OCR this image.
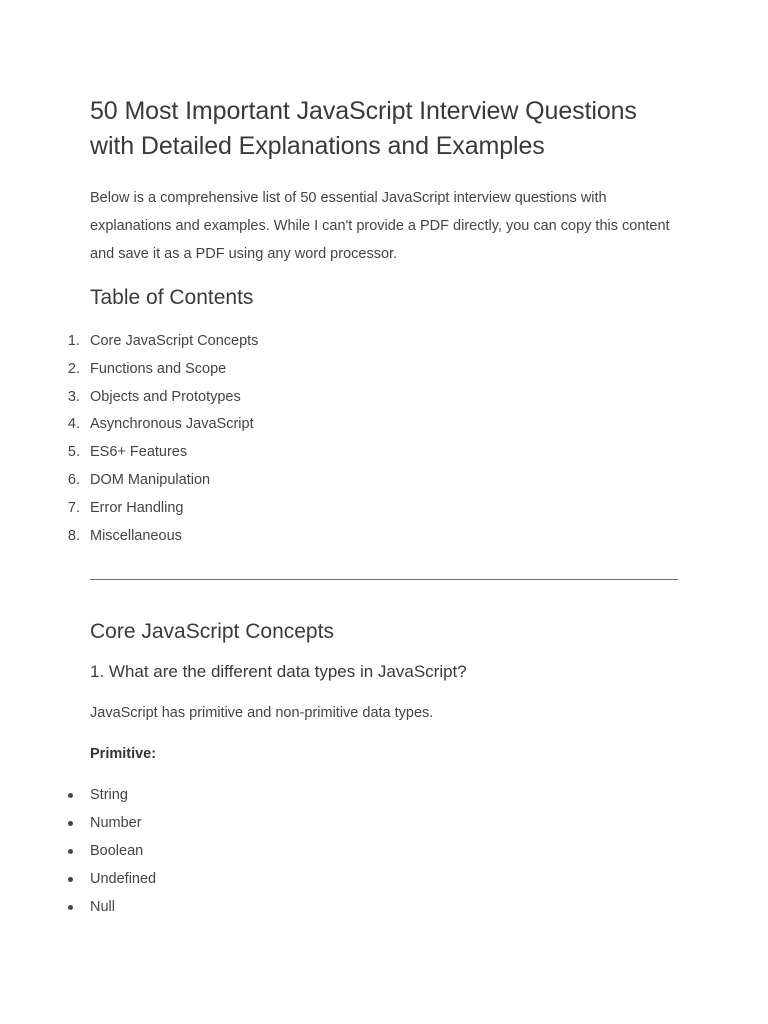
50 Most Important JavaScript Interview Questions with Detailed Explanations and Examples

Below is a comprehensive list of 50 essential JavaScript interview questions with explanations and examples. While I can't provide a PDF directly, you can copy this content and save it as a PDF using any word processor.

Table of Contents
1. Core JavaScript Concepts
2. Functions and Scope
3. Objects and Prototypes
4. Asynchronous JavaScript
5. ES6+ Features
6. DOM Manipulation
7. Error Handling
8. Miscellaneous
Core JavaScript Concepts
1. What are the different data types in JavaScript?

JavaScript has primitive and non-primitive data types.

Primitive:

String
Number
Boolean
Undefined
Null
